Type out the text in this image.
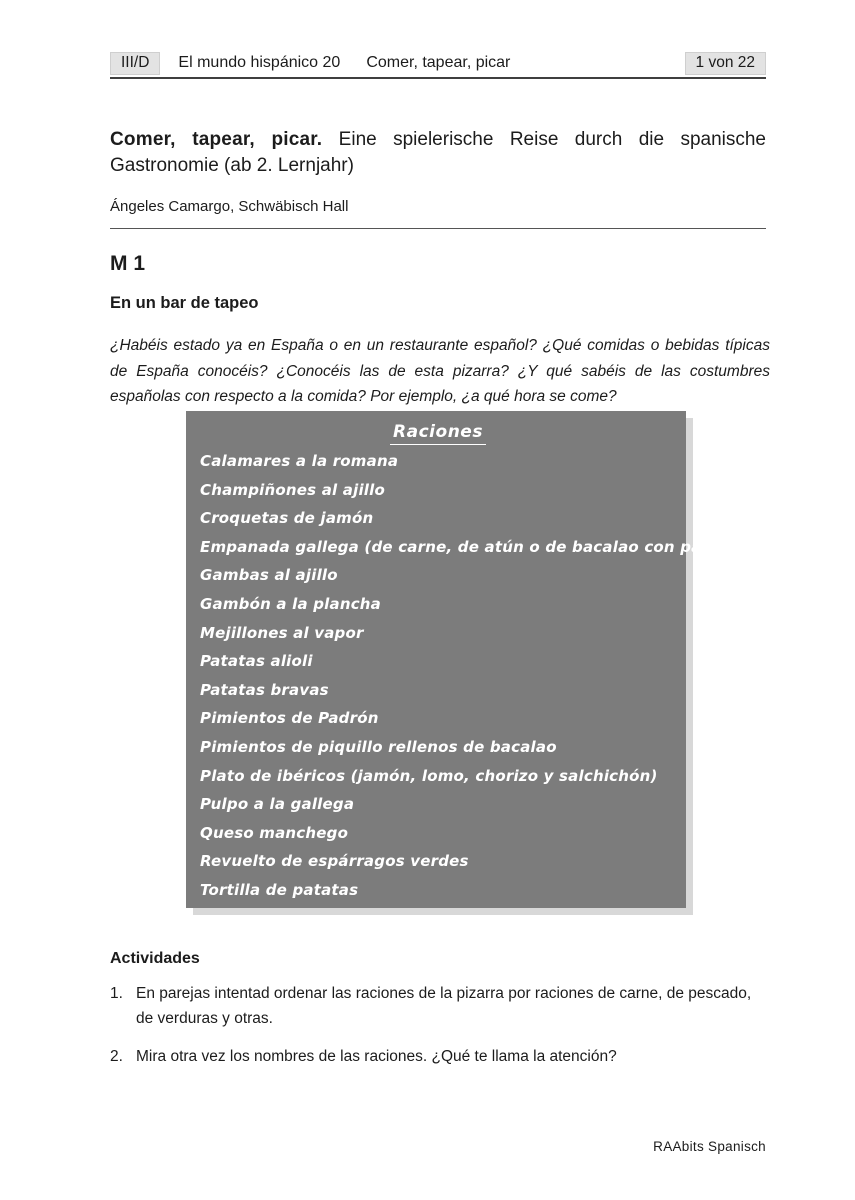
III/D	El mundo hispánico 20 Comer, tapear, picar	1 von 22
Comer, tapear, picar. Eine spielerische Reise durch die spanische Gastronomie (ab 2. Lernjahr)
Ángeles Camargo, Schwäbisch Hall
M 1
En un bar de tapeo
¿Habéis estado ya en España o en un restaurante español? ¿Qué comidas o bebidas típicas de España conocéis? ¿Conocéis las de esta pizarra? ¿Y qué sabéis de las costumbres españolas con respecto a la comida? Por ejemplo, ¿a qué hora se come?
Raciones
Calamares a la romana
Champiñones al ajillo
Croquetas de jamón
Empanada gallega (de carne, de atún o de bacalao con pasas)
Gambas al ajillo
Gambón a la plancha
Mejillones al vapor
Patatas alioli
Patatas bravas
Pimientos de Padrón
Pimientos de piquillo rellenos de bacalao
Plato de ibéricos (jamón, lomo, chorizo y salchichón)
Pulpo a la gallega
Queso manchego
Revuelto de espárragos verdes
Tortilla de patatas
Actividades
1. En parejas intentad ordenar las raciones de la pizarra por raciones de carne, de pescado, de verduras y otras.
2. Mira otra vez los nombres de las raciones. ¿Qué te llama la atención?
RAAbits Spanisch
